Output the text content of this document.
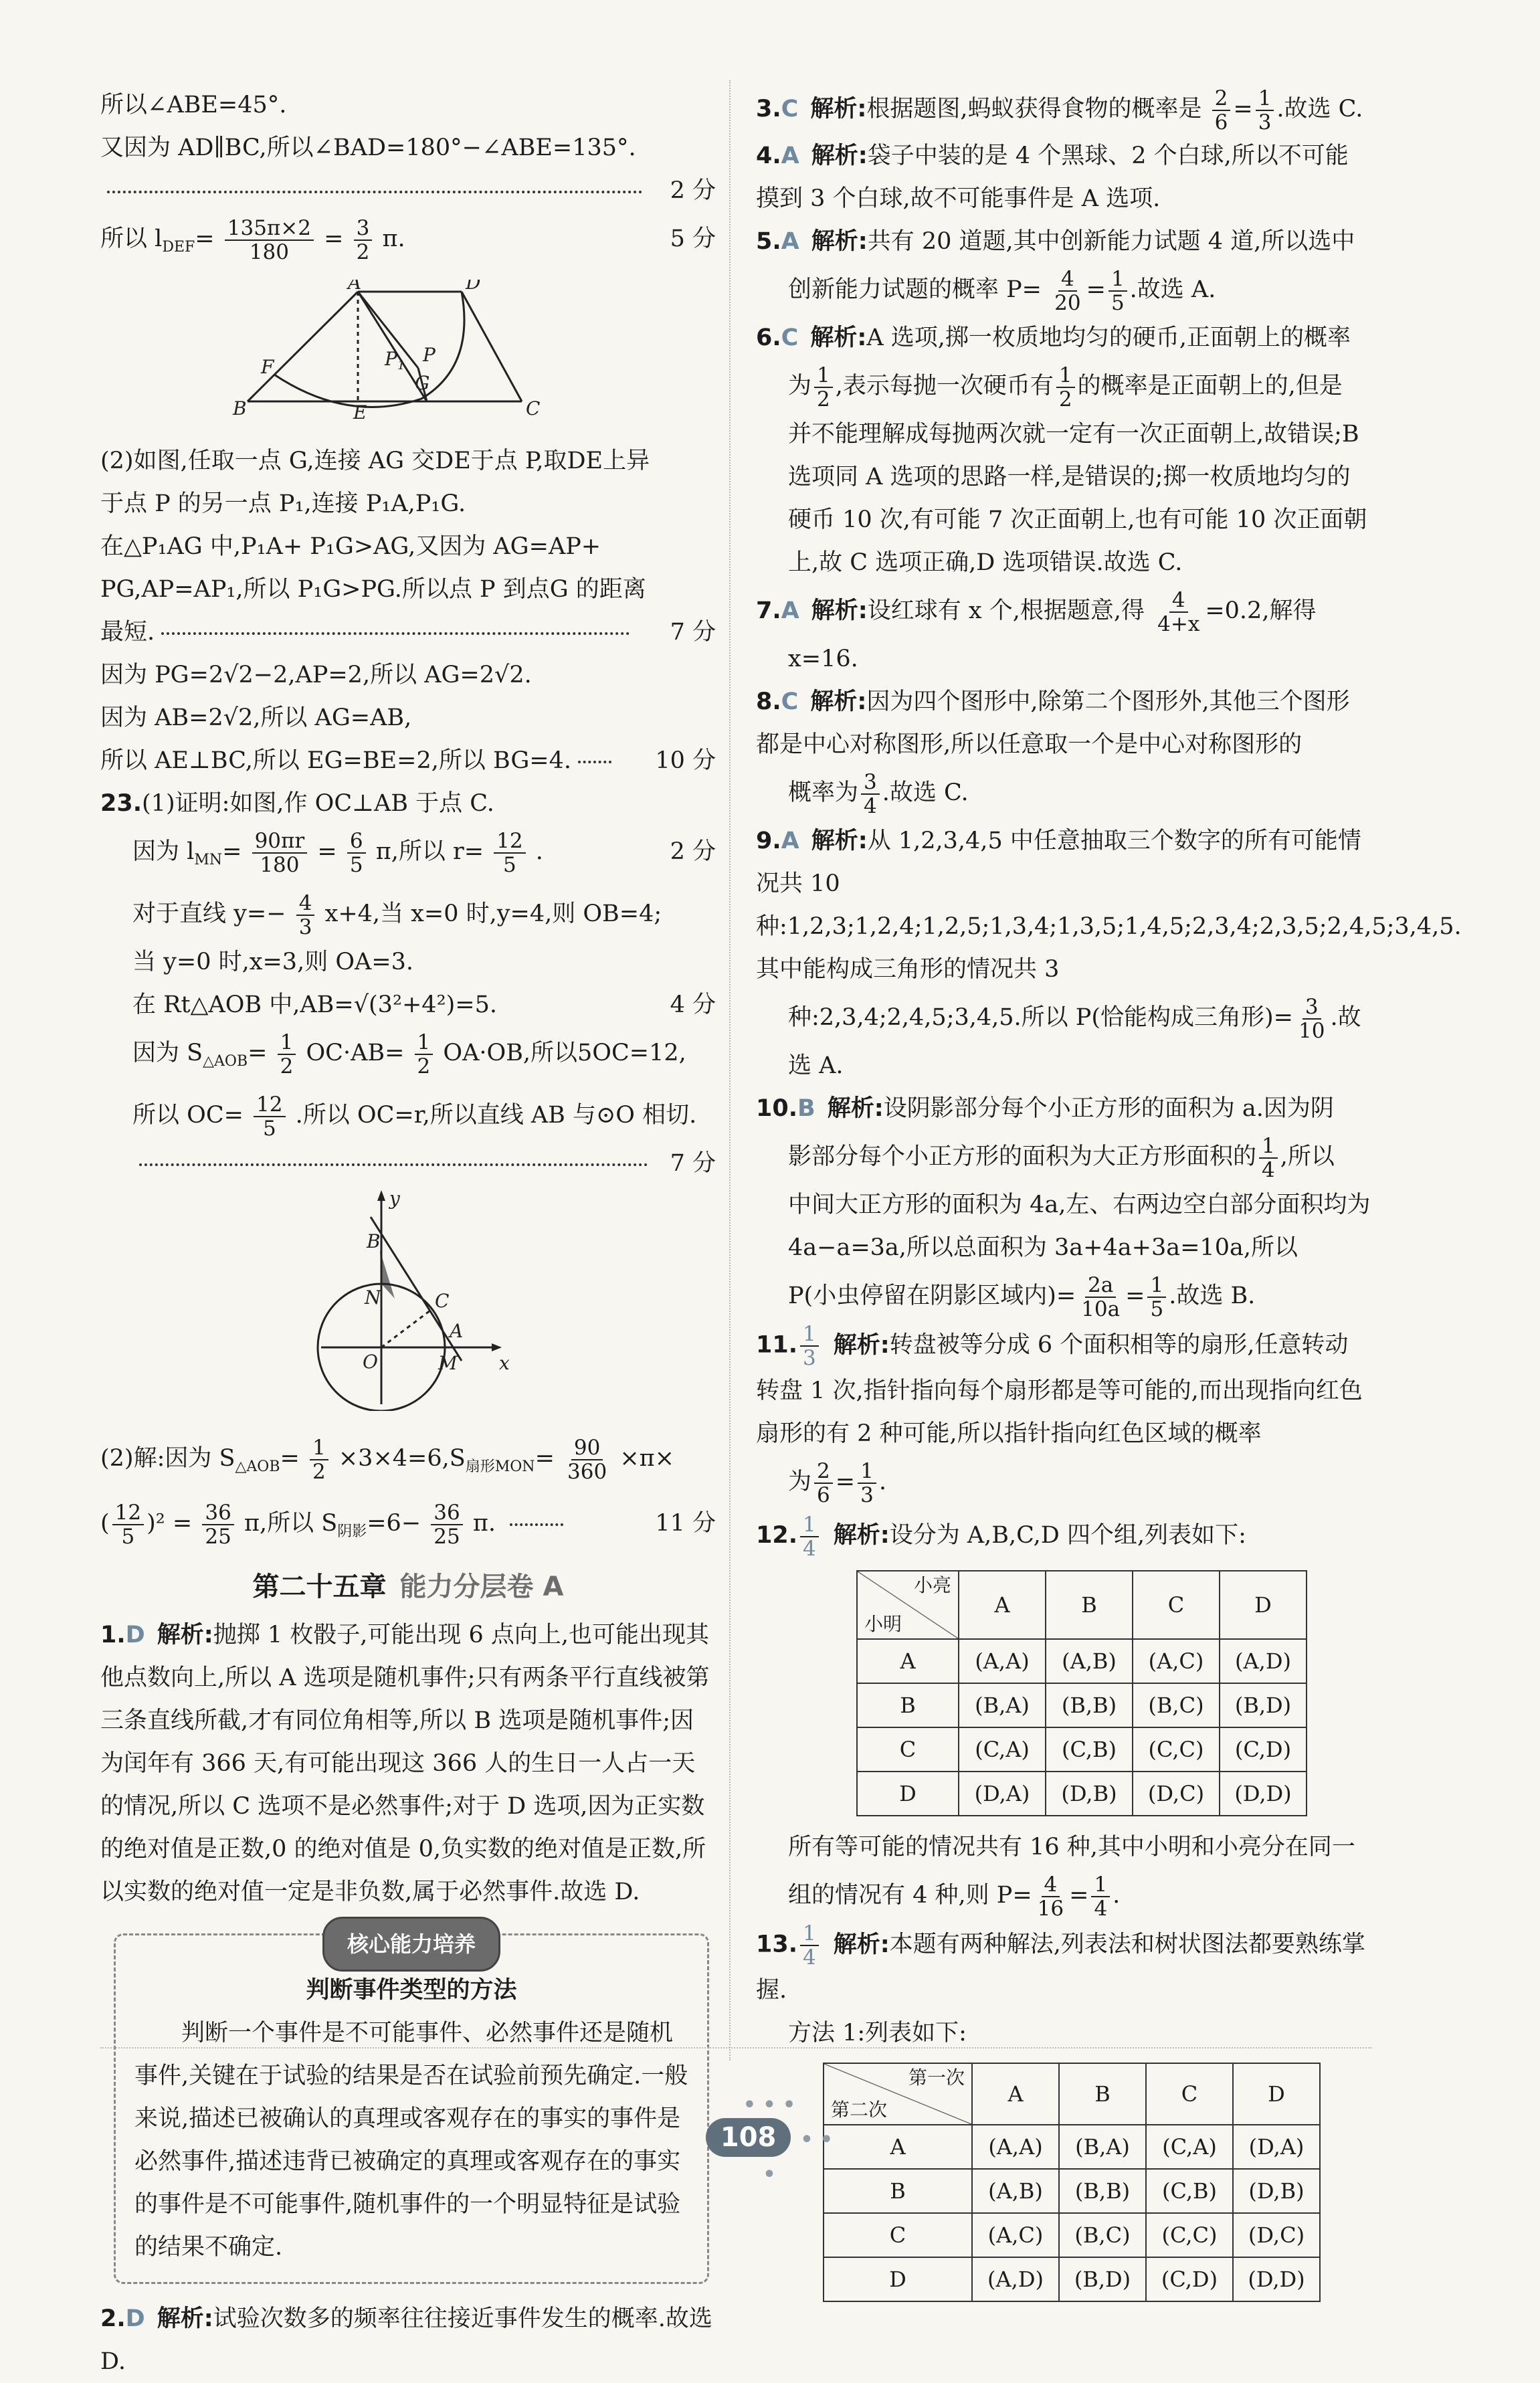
所以∠ABE=45°.

又因为 AD∥BC,所以∠BAD=180°−∠ABE=135°.

2 分

所以 $l_{DEF}= \frac{135\pi\times 2}{180} = \frac{3}{2} \pi$.	5 分

A	D
F	P 1 P
G
B	E	C

(2)如图,任取一点 G,连接 AG 交DE于点 P,取DE上异

于点 P 的另一点 P₁,连接 P₁A,P₁G.

在△P₁AG 中,P₁A+ P₁G>AG,又因为 AG=AP+

PG,AP=AP₁,所以 P₁G>PG.所以点 P 到点G 的距离

最短.	7 分

因为 PG=2√2−2,AP=2,所以 AG=2√2.

因为 AB=2√2,所以 AG=AB,

所以 AE⊥BC,所以 EG=BE=2,所以 BG=4.	10 分

23.(1)证明:如图,作 OC⊥AB 于点 C.

因为 $l_{MN}= \frac{90\pi r}{180} = \frac{6}{5} \pi$,所以 $r= \frac{12}{5}$ .	2 分

对于直线 $y=- \frac{4}{3} x+4$,当 x=0 时,y=4,则 OB=4;

当 y=0 时,x=3,则 OA=3.

在 Rt△AOB 中,AB=√(3²+4²)=5.	4 分

因为 $S_{\triangle AOB}= \frac{1}{2} OC\cdot AB= \frac{1}{2} OA\cdot OB$,所以5OC=12,

所以 $OC= \frac{12}{5}$ .所以 OC=r,所以直线 AB 与⊙O 相切.

7 分

y
B
N	C
A
O	M x

(2)解:因为 $S_{\triangle AOB}= \frac{1}{2} \times 3\times 4=6,S_{扇形MON}= \frac{90}{360} \times\pi\times$

( $\frac{12}{5} )^2 = \frac{36}{25} \pi$,所以 $S_{阴影}=6- \frac{36}{25} \pi$.	11 分

第二十五章 能力分层卷 A

1.D 解析:抛掷 1 枚骰子,可能出现 6 点向上,也可能出现其他点数向上,所以 A 选项是随机事件;只有两条平行直线被第三条直线所截,才有同位角相等,所以 B 选项是随机事件;因为闰年有 366 天,有可能出现这 366 人的生日一人占一天的情况,所以 C 选项不是必然事件;对于 D 选项,因为正实数的绝对值是正数,0 的绝对值是 0,负实数的绝对值是正数,所以实数的绝对值一定是非负数,属于必然事件.故选 D.

核心能力培养

判断事件类型的方法

判断一个事件是不可能事件、必然事件还是随机事件,关键在于试验的结果是否在试验前预先确定.一般来说,描述已被确认的真理或客观存在的事实的事件是必然事件,描述违背已被确定的真理或客观存在的事实的事件是不可能事件,随机事件的一个明显特征是试验的结果不确定.

2.D 解析:试验次数多的频率往往接近事件发生的概率.故选 D.

3.C 解析:根据题图,蚂蚁获得食物的概率是 $\frac{2}{6} = \frac{1}{3}$ .故选 C.

4.A 解析:袋子中装的是 4 个黑球、2 个白球,所以不可能摸到 3 个白球,故不可能事件是 A 选项.

5.A 解析:共有 20 道题,其中创新能力试题 4 道,所以选中

创新能力试题的概率 $P= \frac{4}{20} = \frac{1}{5}$ .故选 A.

6.C 解析:A 选项,掷一枚质地均匀的硬币,正面朝上的概率

为 $\frac{1}{2}$ ,表示每抛一次硬币有 $\frac{1}{2}$ 的概率是正面朝上的,但是

并不能理解成每抛两次就一定有一次正面朝上,故错误;B 选项同 A 选项的思路一样,是错误的;掷一枚质地均匀的硬币 10 次,有可能 7 次正面朝上,也有可能 10 次正面朝上,故 C 选项正确,D 选项错误.故选 C.

7.A 解析:设红球有 x 个,根据题意,得 $\frac{4}{4+x} =0.2$,解得

x=16.

8.C 解析:因为四个图形中,除第二个图形外,其他三个图形都是中心对称图形,所以任意取一个是中心对称图形的

概率为 $\frac{3}{4}$ .故选 C.

9.A 解析:从 1,2,3,4,5 中任意抽取三个数字的所有可能情况共 10 种:1,2,3;1,2,4;1,2,5;1,3,4;1,3,5;1,4,5;2,3,4;2,3,5;2,4,5;3,4,5.其中能构成三角形的情况共 3

种:2,3,4;2,4,5;3,4,5.所以 P(恰能构成三角形)= $\frac{3}{10}$ .故

选 A.

10.B 解析:设阴影部分每个小正方形的面积为 a.因为阴

影部分每个小正方形的面积为大正方形面积的 $\frac{1}{4}$ ,所以

中间大正方形的面积为 4a,左、右两边空白部分面积均为 4a−a=3a,所以总面积为 3a+4a+3a=10a,所以

P(小虫停留在阴影区域内)= $\frac{2a}{10a} = \frac{1}{5}$ .故选 B.

11. $\frac{1}{3}$ 解析:转盘被等分成 6 个面积相等的扇形,任意转动转盘 1 次,指针指向每个扇形都是等可能的,而出现指向红色扇形的有 2 种可能,所以指针指向红色区域的概率

为 $\frac{2}{6} = \frac{1}{3}$ .

12. $\frac{1}{4}$ 解析:设分为 A,B,C,D 四个组,列表如下:

小亮
小明	A	B	C	D
A	(A,A)	(A,B)	(A,C)	(A,D)
B	(B,A)	(B,B)	(B,C)	(B,D)
C	(C,A)	(C,B)	(C,C)	(C,D)
D	(D,A)	(D,B)	(D,C)	(D,D)

所有等可能的情况共有 16 种,其中小明和小亮分在同一

组的情况有 4 种,则 $P= \frac{4}{16} = \frac{1}{4}$ .

13. $\frac{1}{4}$ 解析:本题有两种解法,列表法和树状图法都要熟练掌握.

方法 1:列表如下:

第一次
第二次	A	B	C	D
A	(A,A)	(B,A)	(C,A)	(D,A)
B	(A,B)	(B,B)	(C,B)	(D,B)
C	(A,C)	(B,C)	(C,C)	(D,C)
D	(A,D)	(B,D)	(C,D)	(D,D)
• • • 108 • • •
